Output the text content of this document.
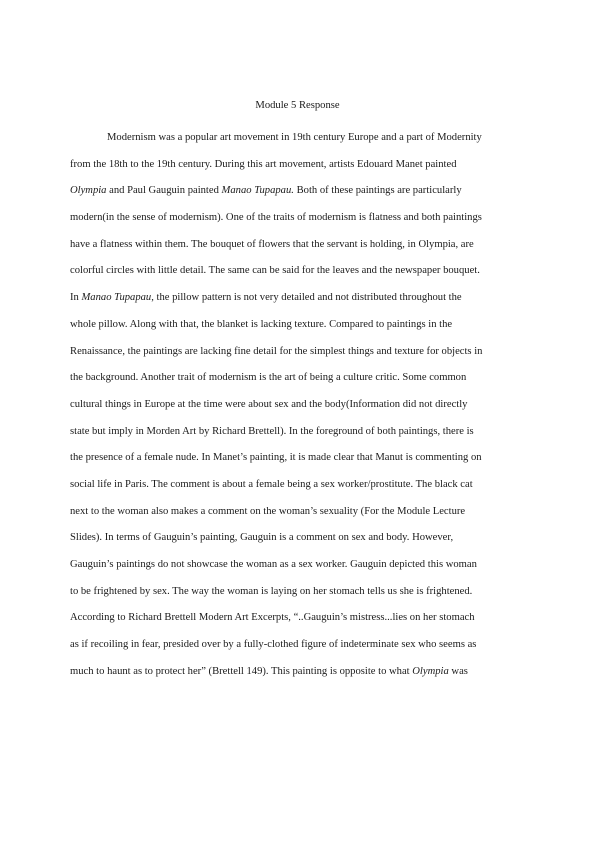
Module 5 Response
Modernism was a popular art movement in 19th century Europe and a part of Modernity
from the 18th to the 19th century. During this art movement, artists Edouard Manet painted
Olympia and Paul Gauguin painted Manao Tupapau. Both of these paintings are particularly
modern(in the sense of modernism). One of the traits of modernism is flatness and both paintings
have a flatness within them. The bouquet of flowers that the servant is holding, in Olympia, are
colorful circles with little detail. The same can be said for the leaves and the newspaper bouquet.
In Manao Tupapau, the pillow pattern is not very detailed and not distributed throughout the
whole pillow. Along with that, the blanket is lacking texture. Compared to paintings in the
Renaissance, the paintings are lacking fine detail for the simplest things and texture for objects in
the background. Another trait of modernism is the art of being a culture critic. Some common
cultural things in Europe at the time were about sex and the body(Information did not directly
state but imply in Morden Art by Richard Brettell). In the foreground of both paintings, there is
the presence of a female nude. In Manet’s painting, it is made clear that Manut is commenting on
social life in Paris. The comment is about a female being a sex worker/prostitute. The black cat
next to the woman also makes a comment on the woman’s sexuality (For the Module Lecture
Slides). In terms of Gauguin’s painting, Gauguin is a comment on sex and body. However,
Gauguin’s paintings do not showcase the woman as a sex worker. Gauguin depicted this woman
to be frightened by sex. The way the woman is laying on her stomach tells us she is frightened.
According to Richard Brettell Modern Art Excerpts, “..Gauguin’s mistress...lies on her stomach
as if recoiling in fear, presided over by a fully-clothed figure of indeterminate sex who seems as
much to haunt as to protect her” (Brettell 149). This painting is opposite to what Olympia was
